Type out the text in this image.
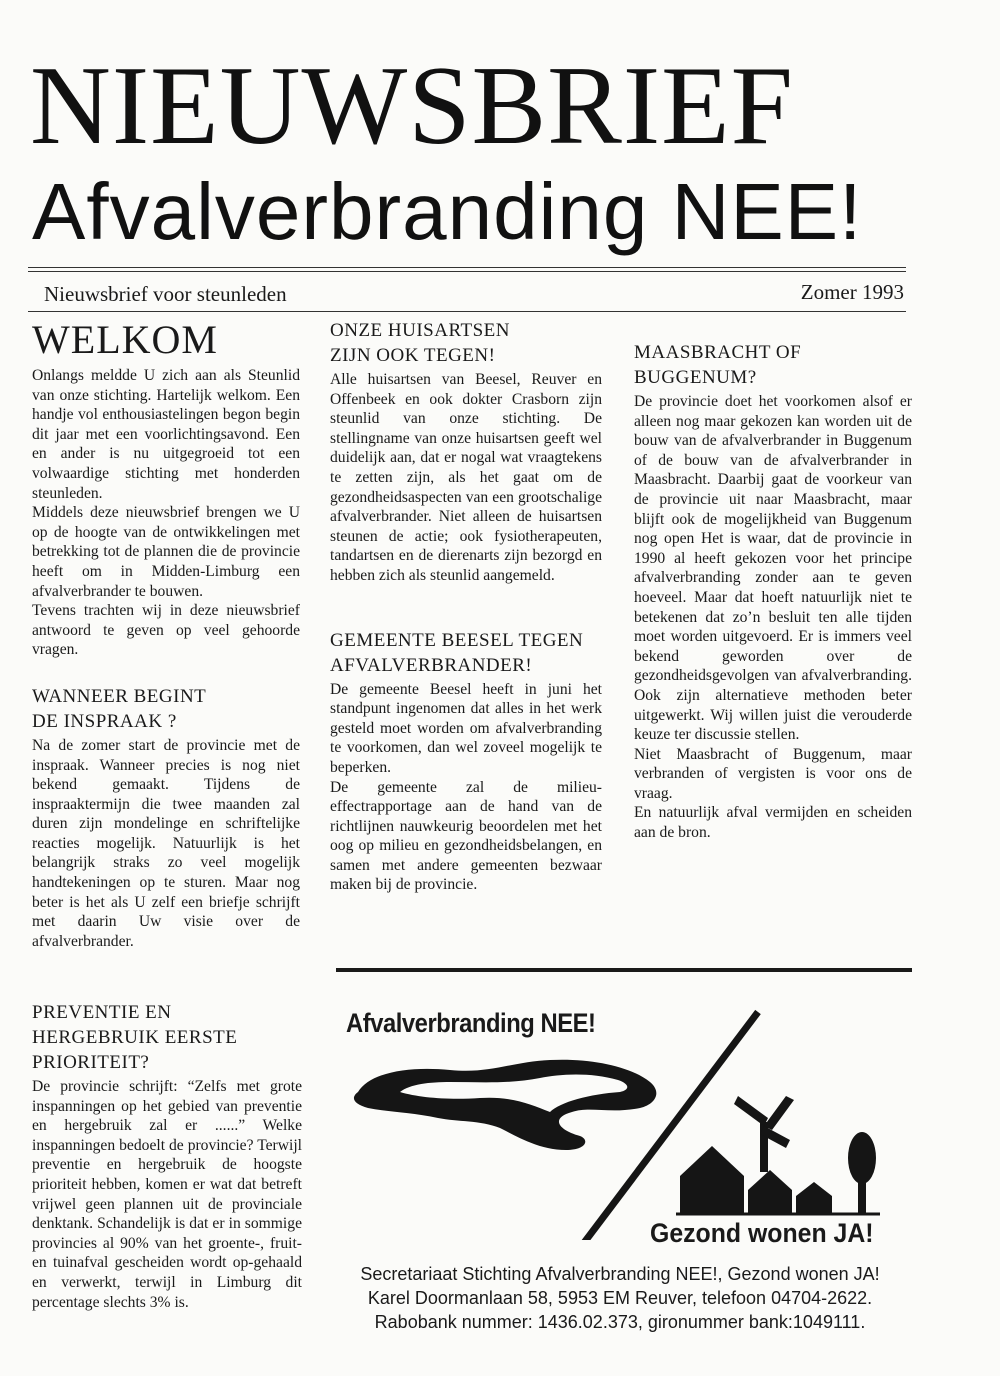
NIEUWSBRIEF
Afvalverbranding NEE!
Nieuwsbrief voor steunleden	Zomer 1993
WELKOM

Onlangs meldde U zich aan als Steunlid van onze stichting. Hartelijk welkom. Een handje vol enthousiastelingen begon begin dit jaar met een voorlichtingsavond. Een en ander is nu uitgegroeid tot een volwaardige stichting met honderden steunleden.

Middels deze nieuwsbrief brengen we U op de hoogte van de ontwikkelingen met betrekking tot de plannen die de provincie heeft om in Midden-Limburg een afvalverbrander te bouwen.

Tevens trachten wij in deze nieuwsbrief antwoord te geven op veel gehoorde vragen.

WANNEER BEGINT
DE INSPRAAK ?

Na de zomer start de provincie met de inspraak. Wanneer precies is nog niet bekend gemaakt. Tijdens de inspraaktermijn die twee maanden zal duren zijn mondelinge en schriftelijke reacties mogelijk. Natuurlijk is het belangrijk straks zo veel mogelijk handtekeningen op te sturen. Maar nog beter is het als U zelf een briefje schrijft met daarin Uw visie over de afvalverbrander.

PREVENTIE EN
HERGEBRUIK EERSTE
PRIORITEIT?

De provincie schrijft: “Zelfs met grote inspanningen op het gebied van preventie en hergebruik zal er ......” Welke inspanningen bedoelt de provincie? Terwijl preventie en hergebruik de hoogste prioriteit hebben, komen er wat dat betreft vrijwel geen plannen uit de provinciale denktank. Schandelijk is dat er in sommige provincies al 90% van het groente-, fruit- en tuinafval gescheiden wordt op-gehaald en verwerkt, terwijl in Limburg dit percentage slechts 3% is.

ONZE HUISARTSEN
ZIJN OOK TEGEN!

Alle huisartsen van Beesel, Reuver en Offenbeek en ook dokter Crasborn zijn steunlid van onze stichting. De stellingname van onze huisartsen geeft wel duidelijk aan, dat er nogal wat vraagtekens te zetten zijn, als het gaat om de gezondheidsaspecten van een grootschalige afvalverbrander. Niet alleen de huisartsen steunen de actie; ook fysiotherapeuten, tandartsen en de dierenarts zijn bezorgd en hebben zich als steunlid aangemeld.

GEMEENTE BEESEL TEGEN
AFVALVERBRANDER!

De gemeente Beesel heeft in juni het standpunt ingenomen dat alles in het werk gesteld moet worden om afvalverbranding te voorkomen, dan wel zoveel mogelijk te beperken.

De gemeente zal de milieu-effectrapportage aan de hand van de richtlijnen nauwkeurig beoordelen met het oog op milieu en gezondheidsbelangen, en samen met andere gemeenten bezwaar maken bij de provincie.

MAASBRACHT OF
BUGGENUM?

De provincie doet het voorkomen alsof er alleen nog maar gekozen kan worden uit de bouw van de afvalverbrander in Buggenum of de bouw van de afvalverbrander in Maasbracht. Daarbij gaat de voorkeur van de provincie uit naar Maasbracht, maar blijft ook de mogelijkheid van Buggenum nog open Het is waar, dat de provincie in 1990 al heeft gekozen voor het principe afvalverbranding zonder aan te geven hoeveel. Maar dat hoeft natuurlijk niet te betekenen dat zo’n besluit ten alle tijden moet worden uitgevoerd. Er is immers veel bekend geworden over de gezondheidsgevolgen van afvalverbranding. Ook zijn alternatieve methoden beter uitgewerkt. Wij willen juist die verouderde keuze ter discussie stellen.

Niet Maasbracht of Buggenum, maar verbranden of vergisten is voor ons de vraag.

En natuurlijk afval vermijden en scheiden aan de bron.

Afvalverbranding NEE!
Gezond wonen JA!
Secretariaat Stichting Afvalverbranding NEE!, Gezond wonen JA!
Karel Doormanlaan 58, 5953 EM Reuver, telefoon 04704-2622.
Rabobank nummer: 1436.02.373, gironummer bank:1049111.
